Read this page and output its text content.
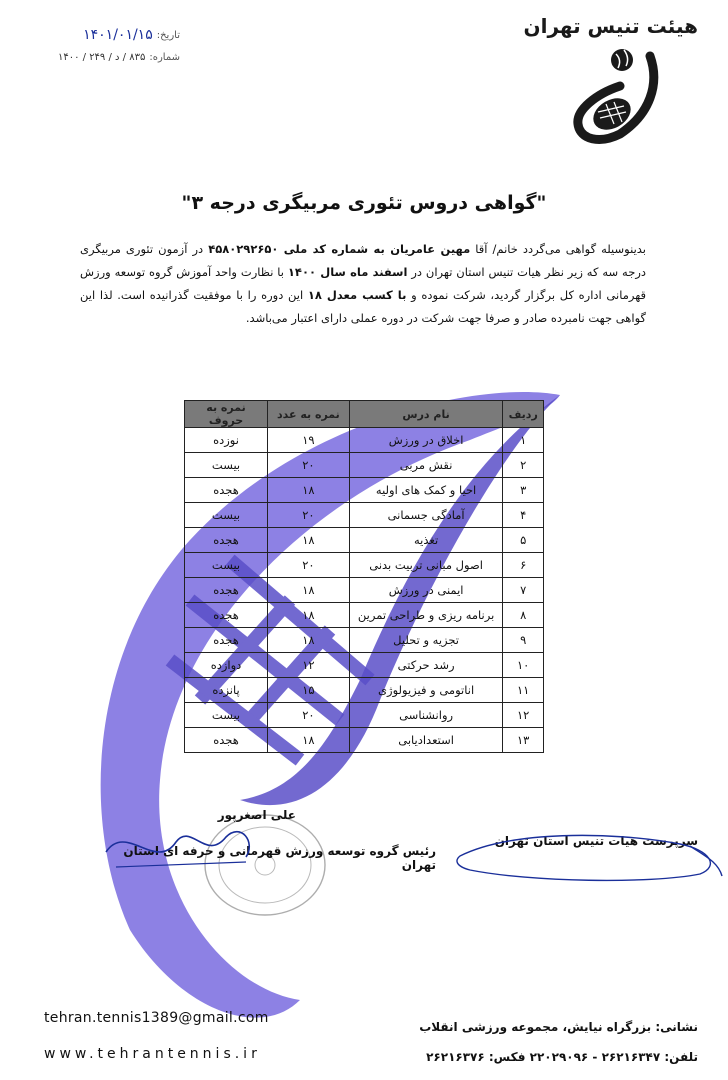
تاریخ:
۱۴۰۱/۰۱/۱۵
شماره:
۸۳۵ / د / ۲۴۹ / ۱۴۰۰
هیئت تنیس تهران
"گواهی دروس تئوری مربیگری درجه ۳"
بدینوسیله گواهی می‌گردد خانم/ آقا مهین عامریان به شماره کد ملی ۴۵۸۰۲۹۲۶۵۰ در آزمون تئوری مربیگری درجه سه که زیر نظر هیات تنیس استان تهران در اسفند ماه سال ۱۴۰۰ با نظارت واحد آموزش گروه توسعه ورزش قهرمانی اداره کل برگزار گردید، شرکت نموده و با کسب معدل ۱۸ این دوره را با موفقیت گذرانیده است. لذا این گواهی جهت نامبرده صادر و صرفا جهت شرکت در دوره عملی دارای اعتبار می‌باشد.
ردیف	نام درس	نمره به عدد	نمره به حروف
۱	اخلاق در ورزش	۱۹	نوزده
۲	نقش مربی	۲۰	بیست
۳	احیا و کمک های اولیه	۱۸	هجده
۴	آمادگی جسمانی	۲۰	بیست
۵	تغذیه	۱۸	هجده
۶	اصول مبانی تربیت بدنی	۲۰	بیست
۷	ایمنی در ورزش	۱۸	هجده
۸	برنامه ریزی و طراحی تمرین	۱۸	هجده
۹	تجزیه و تحلیل	۱۸	هجده
۱۰	رشد حرکتی	۱۲	دوازده
۱۱	اناتومی و فیزیولوژی	۱۵	پانزده
۱۲	روانشناسی	۲۰	بیست
۱۳	استعدادیابی	۱۸	هجده
علی اصغرپور
رئیس گروه توسعه ورزش قهرمانی و حرفه ای استان تهران
سرپرست هیات تنیس استان تهران
tehran.tennis1389@gmail.com
www.tehrantennis.ir
نشانی: بزرگراه نیایش، مجموعه ورزشی انقلاب
تلفن: ۲۶۲۱۶۳۴۷ - ۲۲۰۲۹۰۹۶ فکس: ۲۶۲۱۶۳۷۶
